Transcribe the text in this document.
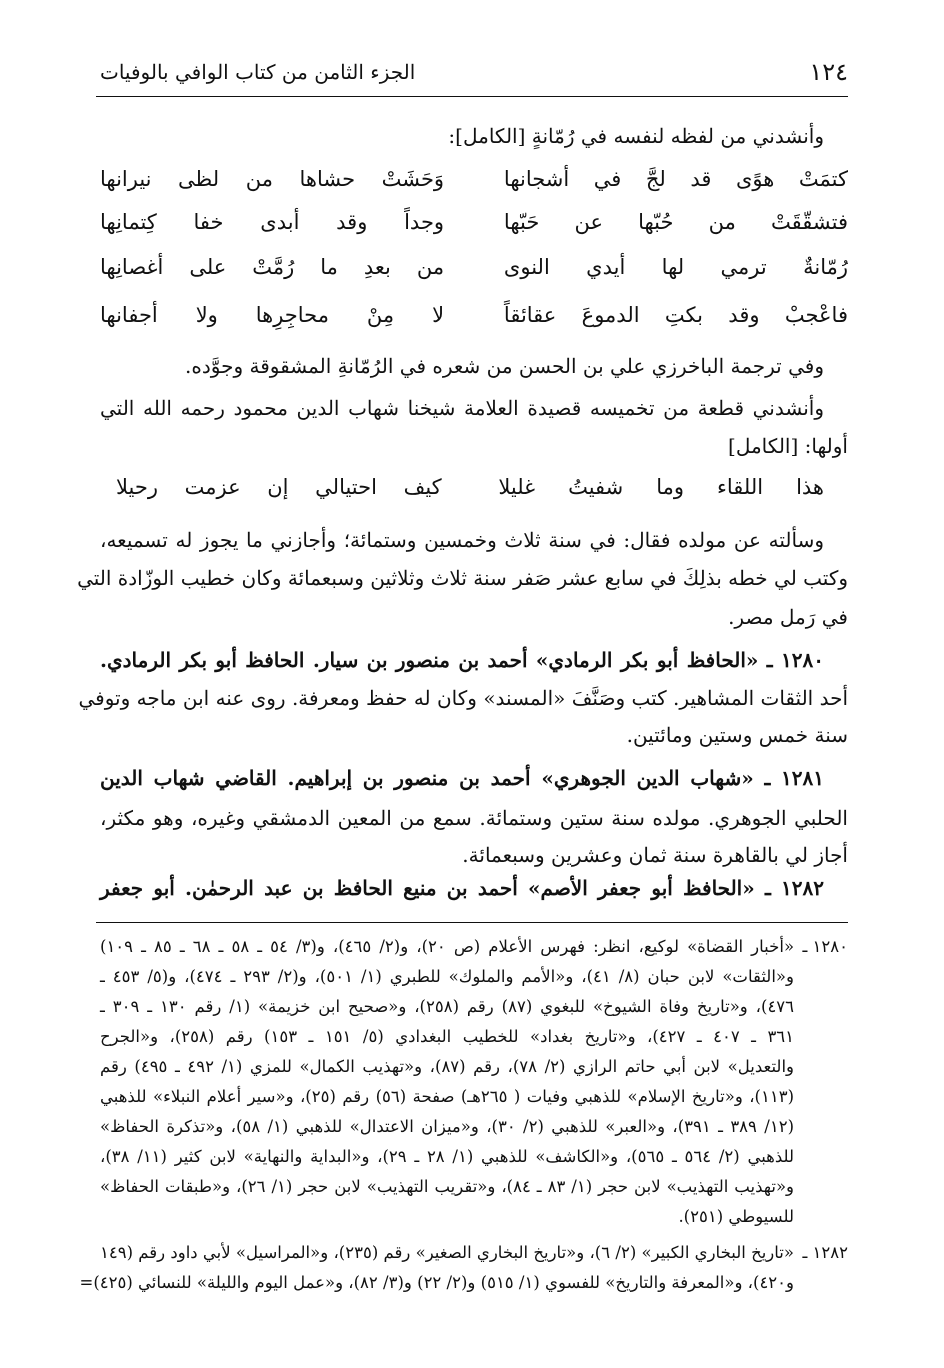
١٢٤
الجزء الثامن من كتاب الوافي بالوفيات
وأنشدني من لفظه لنفسه في رُمّانةٍ [الكامل]:
كتمَتْ هوًى قد لجَّ في أشجانها
وَحَشَتْ حشاها من لظى نيرانها
فتشقّقَتْ من حُبّها عن حَبّها
وجداً وقد أبدى خفا كِتمانِها
رُمّانةٌ ترمي لها أيدي النوى
من بعدِ ما رُمَّتْ على أغصانِها
فاعْجبْ وقد بكتِ الدموعَ عقائقاً
لا مِنْ محاجِرِها ولا أجفانها
وفي ترجمة الباخرزي علي بن الحسن من شعره في الرُمّانةِ المشقوقة وجوَّده.
وأنشدني قطعة من تخميسه قصيدة العلامة شيخنا شهاب الدين محمود رحمه الله التي
أولها: [الكامل]
هذا اللقاء وما شفيتُ غليلا
كيف احتيالي إن عزمت رحيلا
وسألته عن مولده فقال: في سنة ثلاث وخمسين وستمائة؛ وأجازني ما يجوز له تسميعه،
وكتب لي خطه بذلِكَ في سابع عشر صَفر سنة ثلاث وثلاثين وسبعمائة وكان خطيب الوزّادة التي
في رَمل مصر.
١٢٨٠ ـ «الحافظ أبو بكر الرمادي» أحمد بن منصور بن سيار. الحافظ أبو بكر الرمادي.
أحد الثقات المشاهير. كتب وصَنَّفَ «المسند» وكان له حفظ ومعرفة. روى عنه ابن ماجه وتوفي
سنة خمس وستين ومائتين.
١٢٨١ ـ «شهاب الدين الجوهري» أحمد بن منصور بن إبراهيم. القاضي شهاب الدين
الحلبي الجوهري. مولده سنة ستين وستمائة. سمع من المعين الدمشقي وغيره، وهو مكثر،
أجاز لي بالقاهرة سنة ثمان وعشرين وسبعمائة.
١٢٨٢ ـ «الحافظ أبو جعفر الأصم» أحمد بن منيع الحافظ بن عبد الرحمٰن. أبو جعفر
١٢٨٠ ـ
«أخبار القضاة» لوكيع، انظر: فهرس الأعلام (ص ٢٠)، و(٢/ ٤٦٥)، و(٣/ ٥٤ ـ ٥٨ ـ ٦٨ ـ ٨٥ ـ ١٠٩)
و«الثقات» لابن حبان (٨/ ٤١)، و«الأمم والملوك» للطبري (١/ ٥٠١)، و(٢/ ٢٩٣ ـ ٤٧٤)، و(٥/ ٤٥٣ ـ
٤٧٦)، و«تاريخ وفاة الشيوخ» للبغوي (٨٧) رقم (٢٥٨)، و«صحيح ابن خزيمة» (١/ رقم ١٣٠ ـ ٣٠٩ ـ
٣٦١ ـ ٤٠٧ ـ ٤٢٧)، و«تاريخ بغداد» للخطيب البغدادي (٥/ ١٥١ ـ ١٥٣) رقم (٢٥٨)، و«الجرح
والتعديل» لابن أبي حاتم الرازي (٢/ ٧٨)، رقم (٨٧)، و«تهذيب الكمال» للمزي (١/ ٤٩٢ ـ ٤٩٥) رقم
(١١٣)، و«تاريخ الإسلام» للذهبي وفيات ( ٢٦٥هـ) صفحة (٥٦) رقم (٢٥)، و«سير أعلام النبلاء» للذهبي
(١٢/ ٣٨٩ ـ ٣٩١)، و«العبر» للذهبي (٢/ ٣٠)، و«ميزان الاعتدال» للذهبي (١/ ٥٨)، و«تذكرة الحفاظ»
للذهبي (٢/ ٥٦٤ ـ ٥٦٥)، و«الكاشف» للذهبي (١/ ٢٨ ـ ٢٩)، و«البداية والنهاية» لابن كثير (١١/ ٣٨)،
و«تهذيب التهذيب» لابن حجر (١/ ٨٣ ـ ٨٤)، و«تقريب التهذيب» لابن حجر (١/ ٢٦)، و«طبقات الحفاظ»
للسيوطي (٢٥١).
١٢٨٢ ـ
«تاريخ البخاري الكبير» (٢/ ٦)، و«تاريخ البخاري الصغير» رقم (٢٣٥)، و«المراسيل» لأبي داود رقم (١٤٩
و٤٢٠)، و«المعرفة والتاريخ» للفسوي (١/ ٥١٥) و(٢/ ٢٢) و(٣/ ٨٢)، و«عمل اليوم والليلة» للنسائي (٤٢٥)=
